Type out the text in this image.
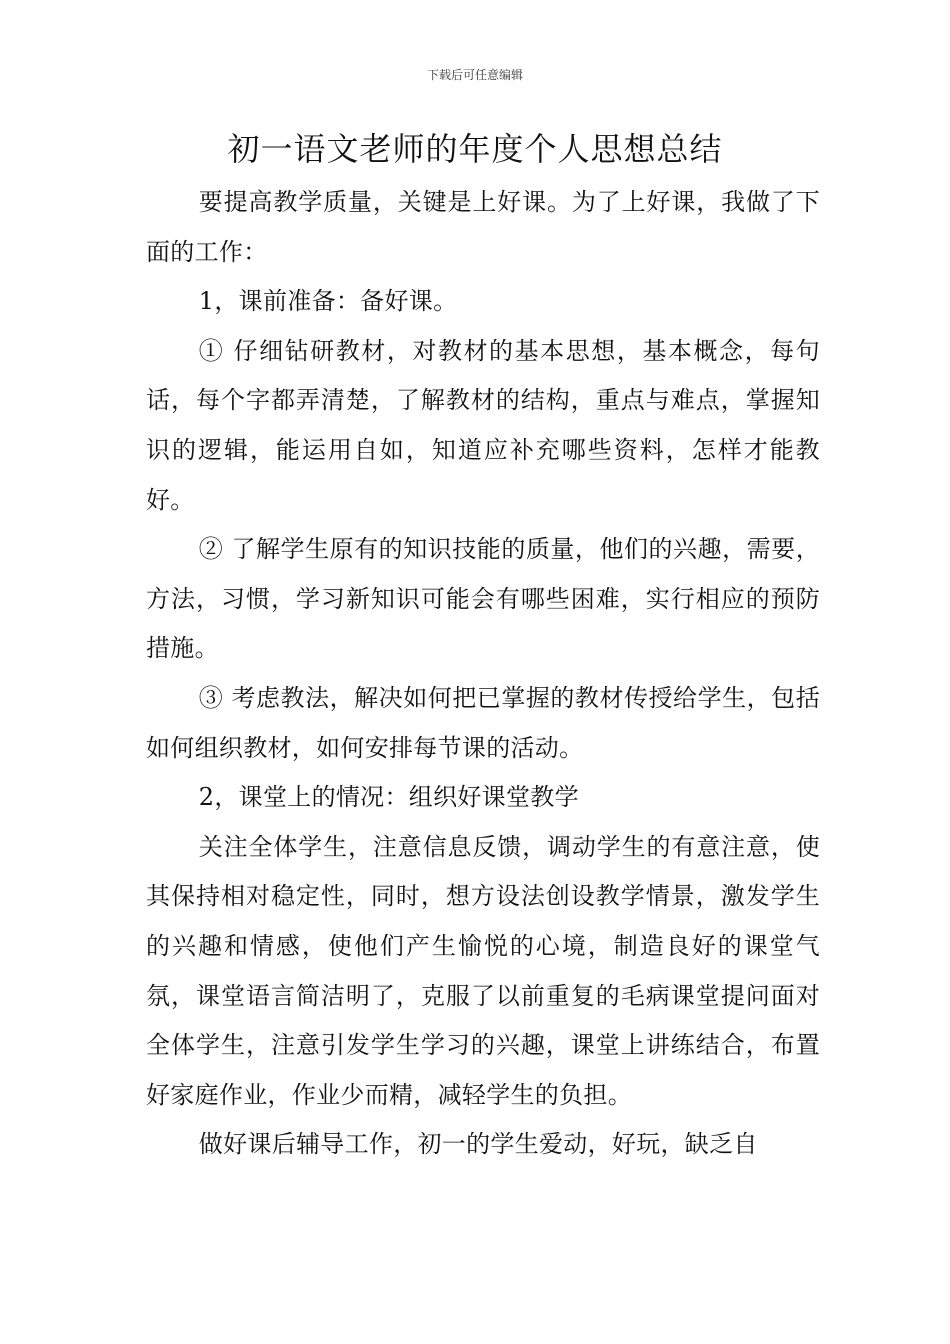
下载后可任意编辑
初一语文老师的年度个人思想总结

要提高教学质量，关键是上好课。为了上好课，我做了下面的工作：

1，课前准备：备好课。

① 仔细钻研教材，对教材的基本思想，基本概念，每句话，每个字都弄清楚，了解教材的结构，重点与难点，掌握知识的逻辑，能运用自如，知道应补充哪些资料，怎样才能教好。

② 了解学生原有的知识技能的质量，他们的兴趣，需要，方法，习惯，学习新知识可能会有哪些困难，实行相应的预防措施。

③ 考虑教法，解决如何把已掌握的教材传授给学生，包括如何组织教材，如何安排每节课的活动。

2，课堂上的情况：组织好课堂教学

关注全体学生，注意信息反馈，调动学生的有意注意，使其保持相对稳定性，同时，想方设法创设教学情景，激发学生的兴趣和情感，使他们产生愉悦的心境，制造良好的课堂气氛，课堂语言简洁明了，克服了以前重复的毛病课堂提问面对全体学生，注意引发学生学习的兴趣，课堂上讲练结合，布置好家庭作业，作业少而精，减轻学生的负担。

做好课后辅导工作，初一的学生爱动，好玩，缺乏自
